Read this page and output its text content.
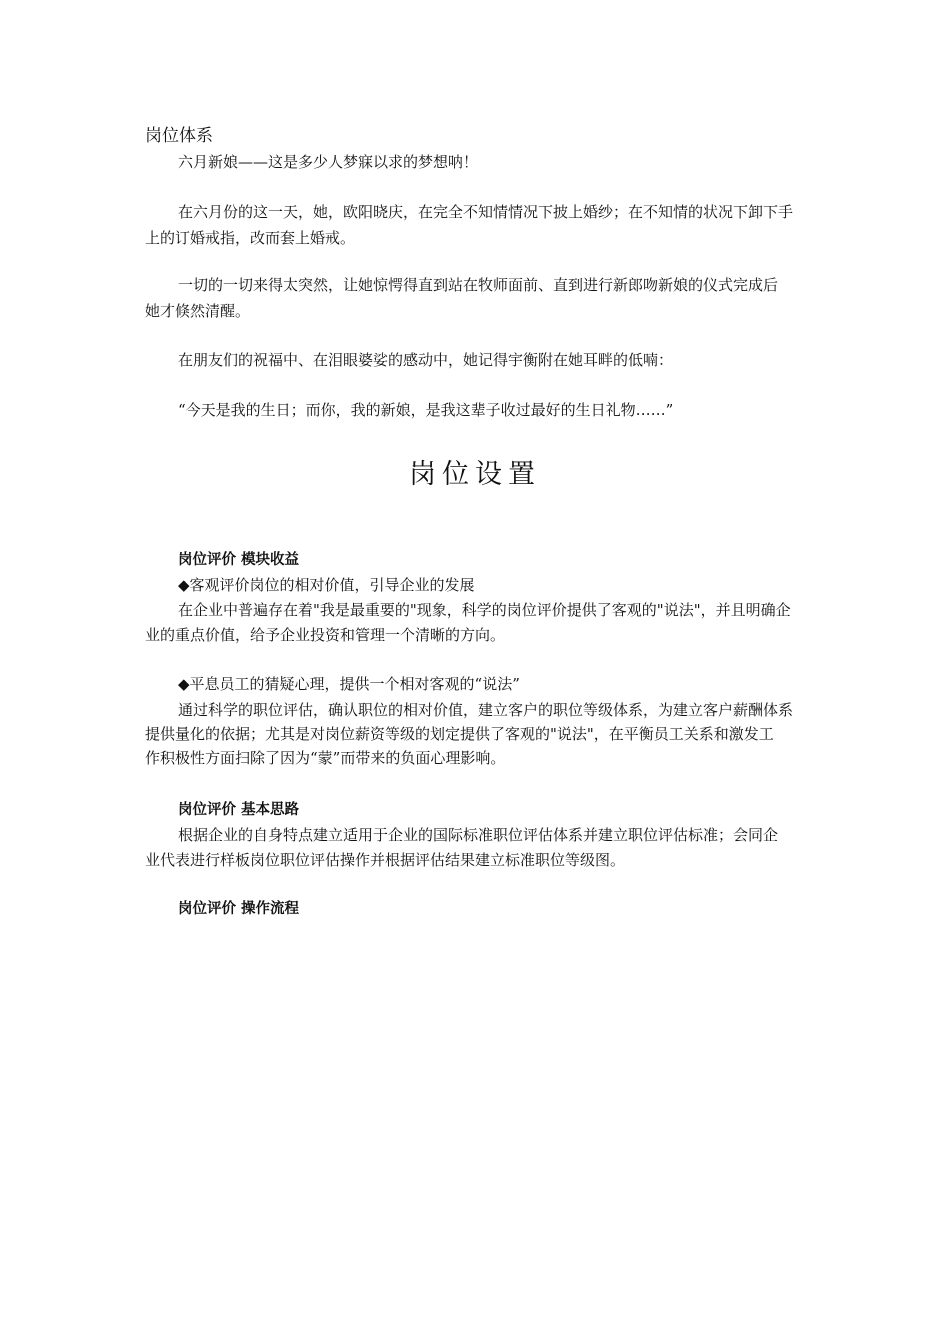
岗位体系
六月新娘——这是多少人梦寐以求的梦想呐！
在六月份的这一天，她，欧阳晓庆，在完全不知情情况下披上婚纱；在不知情的状况下卸下手
上的订婚戒指，改而套上婚戒。
一切的一切来得太突然，让她惊愕得直到站在牧师面前、直到进行新郎吻新娘的仪式完成后
她才倏然清醒。
在朋友们的祝福中、在泪眼婆娑的感动中，她记得宇衡附在她耳畔的低喃：
“今天是我的生日；而你，我的新娘，是我这辈子收过最好的生日礼物……”
岗位设置
岗位评价 模块收益
◆客观评价岗位的相对价值，引导企业的发展
在企业中普遍存在着"我是最重要的"现象，科学的岗位评价提供了客观的"说法"，并且明确企
业的重点价值，给予企业投资和管理一个清晰的方向。
◆平息员工的猜疑心理，提供一个相对客观的“说法”
通过科学的职位评估，确认职位的相对价值，建立客户的职位等级体系，为建立客户薪酬体系
提供量化的依据；尤其是对岗位薪资等级的划定提供了客观的"说法"，在平衡员工关系和激发工
作积极性方面扫除了因为“蒙”而带来的负面心理影响。
岗位评价 基本思路
根据企业的自身特点建立适用于企业的国际标准职位评估体系并建立职位评估标准；会同企
业代表进行样板岗位职位评估操作并根据评估结果建立标准职位等级图。
岗位评价 操作流程
